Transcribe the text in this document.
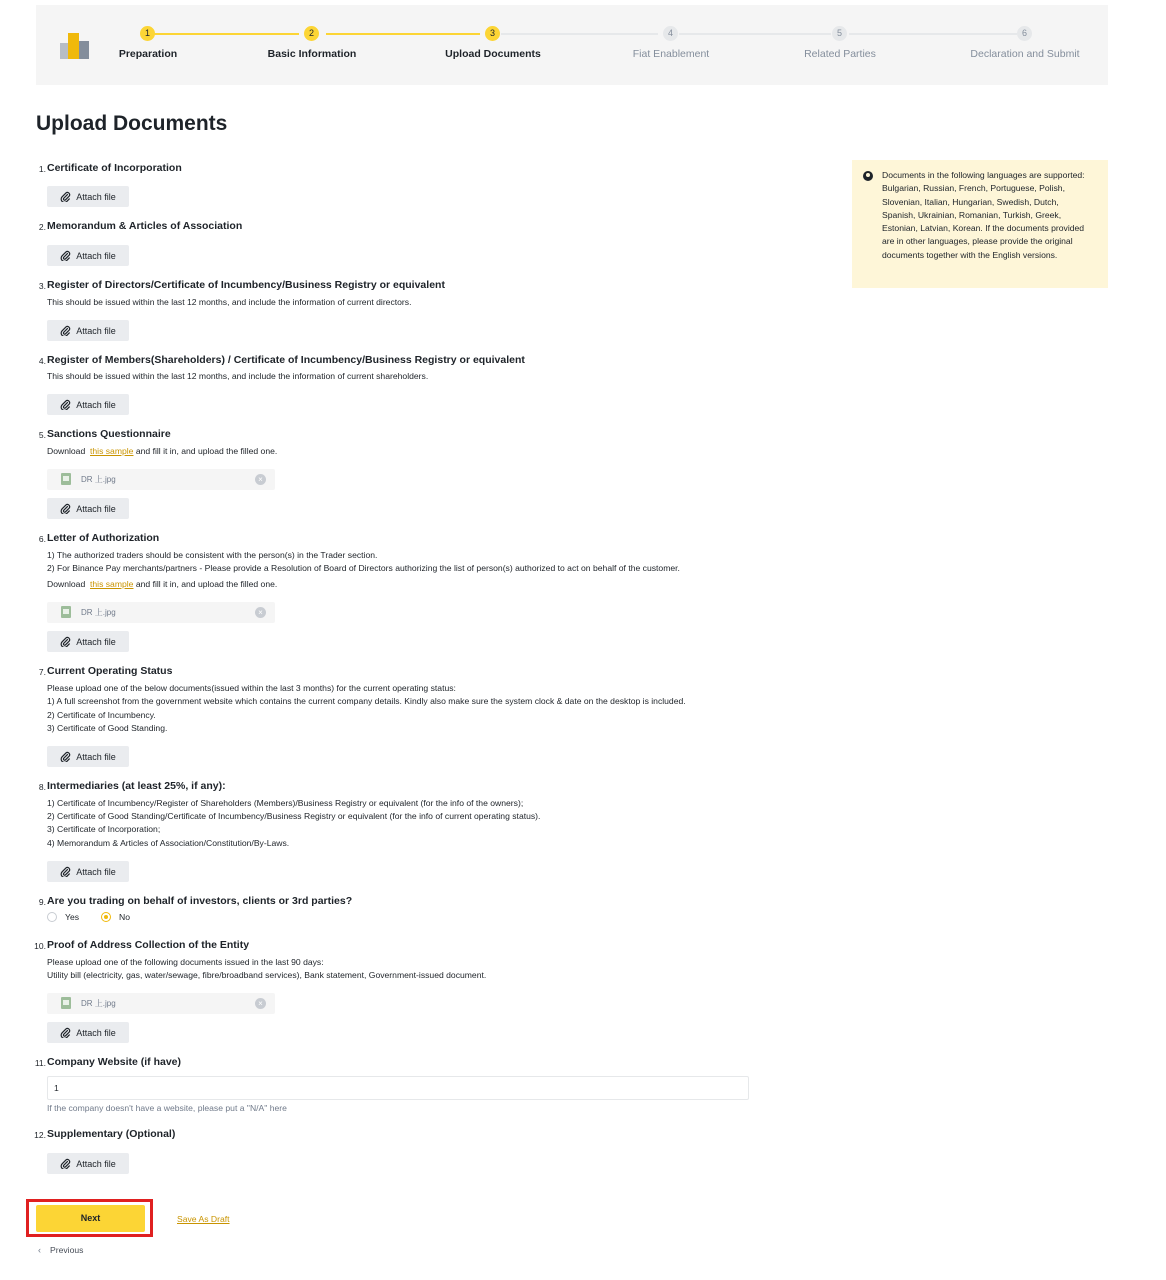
1
Preparation
2
Basic Information
3
Upload Documents
4
Fiat Enablement
5
Related Parties
6
Declaration and Submit
Upload Documents
Documents in the following languages are supported: Bulgarian, Russian, French, Portuguese, Polish, Slovenian, Italian, Hungarian, Swedish, Dutch, Spanish, Ukrainian, Romanian, Turkish, Greek, Estonian, Latvian, Korean. If the documents provided are in other languages, please provide the original documents together with the English versions.
1. Certificate of Incorporation
Attach file
2. Memorandum & Articles of Association
Attach file
3. Register of Directors/Certificate of Incumbency/Business Registry or equivalent
This should be issued within the last 12 months, and include the information of current directors.
Attach file
4. Register of Members(Shareholders) / Certificate of Incumbency/Business Registry or equivalent
This should be issued within the last 12 months, and include the information of current shareholders.
Attach file
5. Sanctions Questionnaire
Download this sample and fill it in, and upload the filled one.
DR 上.jpg	×
Attach file
6. Letter of Authorization
1) The authorized traders should be consistent with the person(s) in the Trader section.
2) For Binance Pay merchants/partners - Please provide a Resolution of Board of Directors authorizing the list of person(s) authorized to act on behalf of the customer.
Download this sample and fill it in, and upload the filled one.
DR 上.jpg	×
Attach file
7. Current Operating Status
Please upload one of the below documents(issued within the last 3 months) for the current operating status:
1) A full screenshot from the government website which contains the current company details. Kindly also make sure the system clock & date on the desktop is included.
2) Certificate of Incumbency.
3) Certificate of Good Standing.
Attach file
8. Intermediaries (at least 25%, if any):
1) Certificate of Incumbency/Register of Shareholders (Members)/Business Registry or equivalent (for the info of the owners);
2) Certificate of Good Standing/Certificate of Incumbency/Business Registry or equivalent (for the info of current operating status).
3) Certificate of Incorporation;
4) Memorandum & Articles of Association/Constitution/By-Laws.
Attach file
9. Are you trading on behalf of investors, clients or 3rd parties?
Yes	No
10. Proof of Address Collection of the Entity
Please upload one of the following documents issued in the last 90 days:
Utility bill (electricity, gas, water/sewage, fibre/broadband services), Bank statement, Government-issued document.
DR 上.jpg	×
Attach file
11. Company Website (if have)
1
If the company doesn't have a website, please put a "N/A" here
12. Supplementary (Optional)
Attach file
Next	Save As Draft
‹ Previous
